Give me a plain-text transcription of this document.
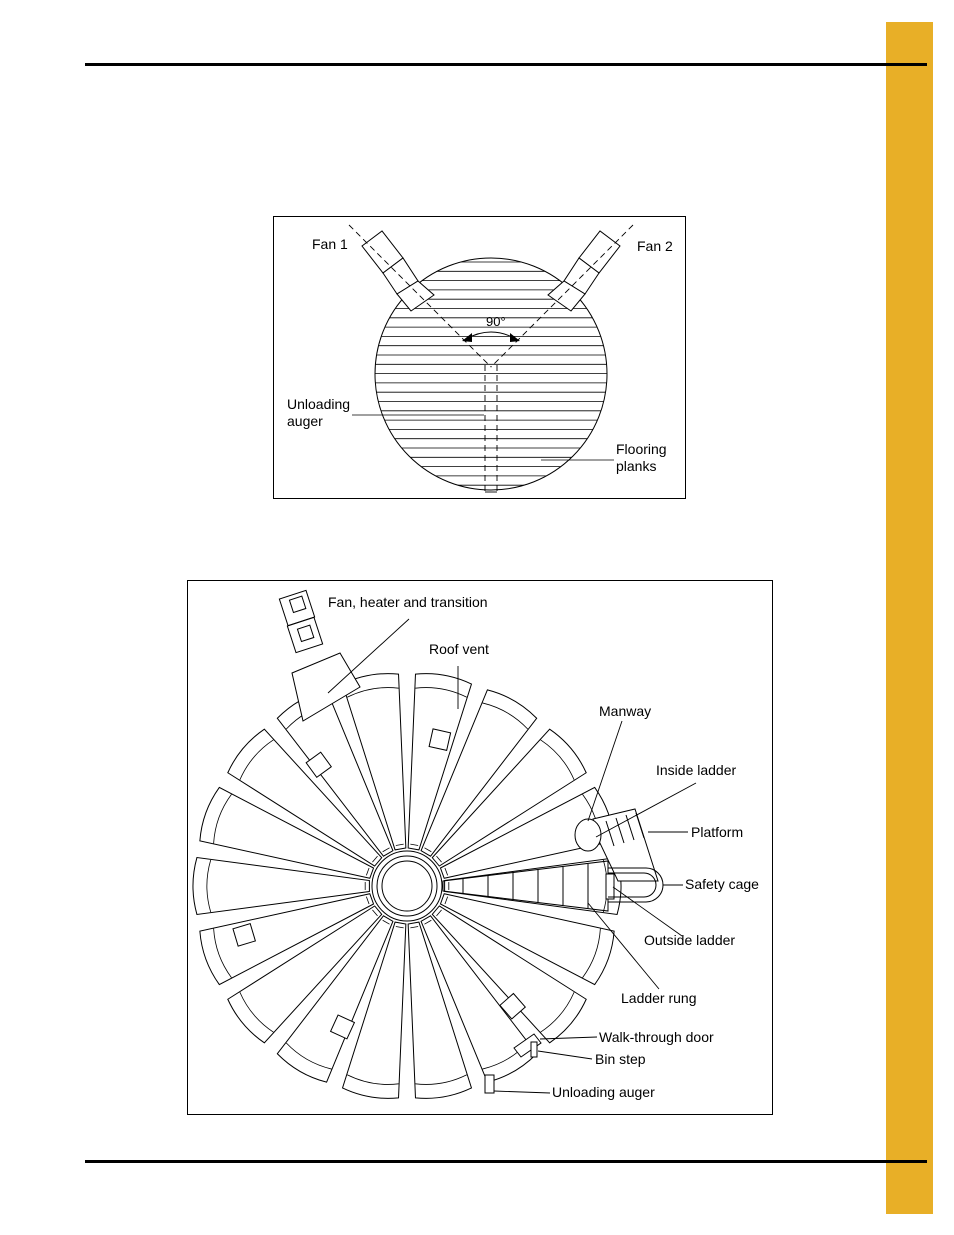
Fan 1	Fan 2
90°
Unloading
auger
Flooring
planks
Fan, heater and transition
Roof vent
Manway
Inside ladder
Platform
Safety cage
Outside ladder
Ladder rung
Walk-through door
Bin step
Unloading auger
